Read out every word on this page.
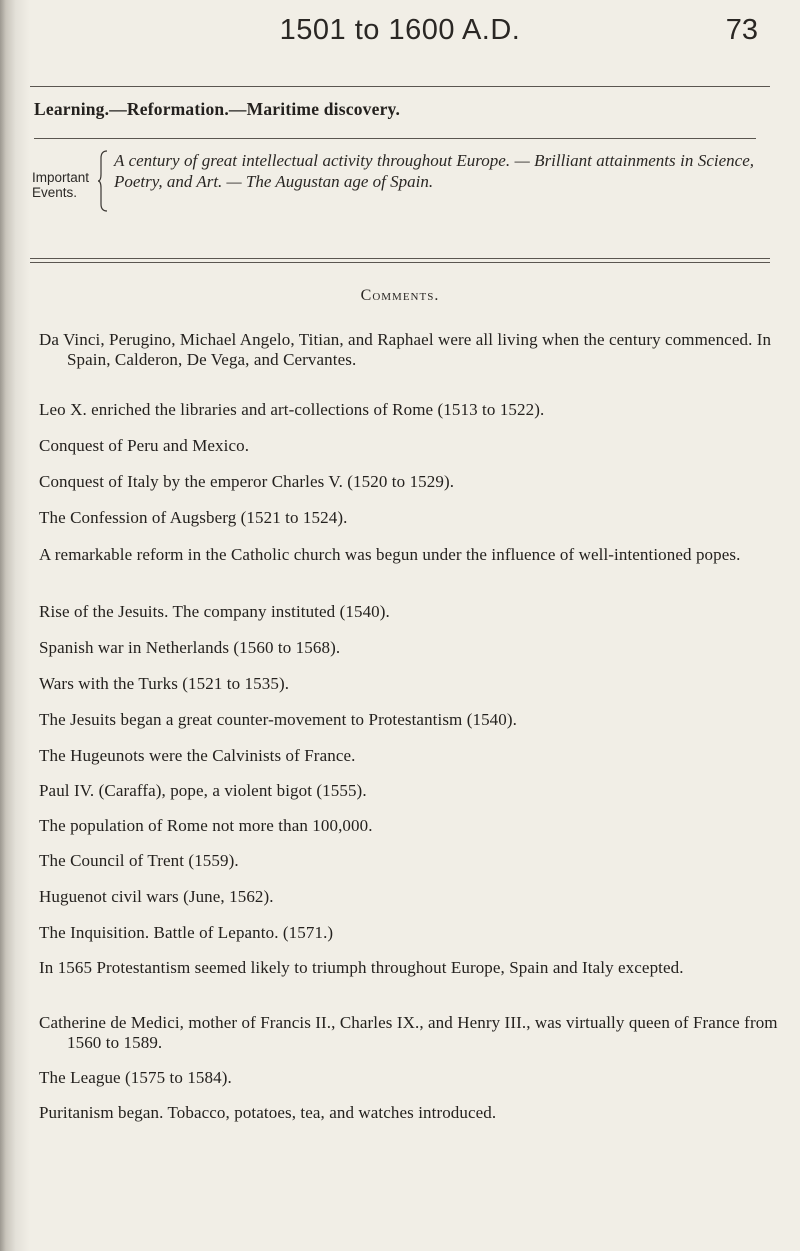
1501 to 1600 A.D.	73
Learning.—Reformation.—Maritime discovery.
Important Events.
A century of great intellectual activity throughout Europe. — Brilliant attainments in Science, Poetry, and Art. — The Augustan age of Spain.
Comments.
Da Vinci, Perugino, Michael Angelo, Titian, and Raphael were all living when the century commenced. In Spain, Calderon, De Vega, and Cervantes.
Leo X. enriched the libraries and art-collections of Rome (1513 to 1522).
Conquest of Peru and Mexico.
Conquest of Italy by the emperor Charles V. (1520 to 1529).
The Confession of Augsberg (1521 to 1524).
A remarkable reform in the Catholic church was begun under the influence of well-intentioned popes.
Rise of the Jesuits. The company instituted (1540).
Spanish war in Netherlands (1560 to 1568).
Wars with the Turks (1521 to 1535).
The Jesuits began a great counter-movement to Protestantism (1540).
The Hugeunots were the Calvinists of France.
Paul IV. (Caraffa), pope, a violent bigot (1555).
The population of Rome not more than 100,000.
The Council of Trent (1559).
Huguenot civil wars (June, 1562).
The Inquisition. Battle of Lepanto. (1571.)
In 1565 Protestantism seemed likely to triumph throughout Europe, Spain and Italy excepted.
Catherine de Medici, mother of Francis II., Charles IX., and Henry III., was virtually queen of France from 1560 to 1589.
The League (1575 to 1584).
Puritanism began. Tobacco, potatoes, tea, and watches introduced.
